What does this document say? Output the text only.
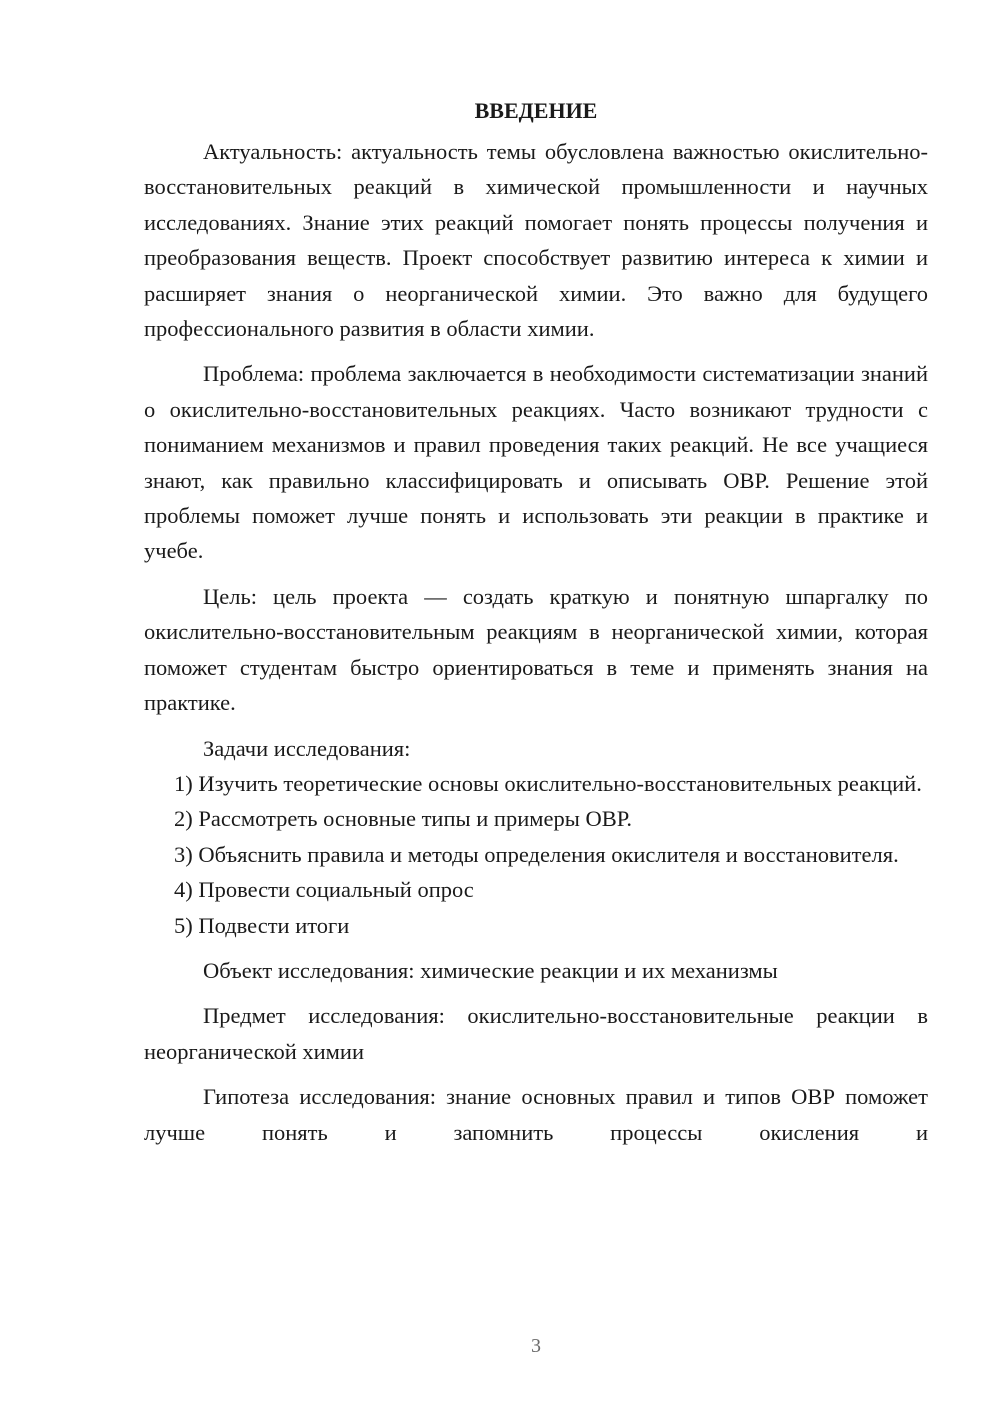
ВВЕДЕНИЕ

Актуальность: актуальность темы обусловлена важностью окислительно-восстановительных реакций в химической промышленности и научных исследованиях. Знание этих реакций помогает понять процессы получения и преобразования веществ. Проект способствует развитию интереса к химии и расширяет знания о неорганической химии. Это важно для будущего профессионального развития в области химии.

Проблема: проблема заключается в необходимости систематизации знаний о окислительно-восстановительных реакциях. Часто возникают трудности с пониманием механизмов и правил проведения таких реакций. Не все учащиеся знают, как правильно классифицировать и описывать ОВР. Решение этой проблемы поможет лучше понять и использовать эти реакции в практике и учебе.

Цель: цель проекта — создать краткую и понятную шпаргалку по окислительно-восстановительным реакциям в неорганической химии, которая поможет студентам быстро ориентироваться в теме и применять знания на практике.

Задачи исследования:

1) Изучить теоретические основы окислительно-восстановительных реакций.

2) Рассмотреть основные типы и примеры ОВР.

3) Объяснить правила и методы определения окислителя и восстановителя.

4) Провести социальный опрос

5) Подвести итоги

Объект исследования: химические реакции и их механизмы

Предмет исследования: окислительно-восстановительные реакции в неорганической химии

Гипотеза исследования: знание основных правил и типов ОВР поможет лучше понять и запомнить процессы окисления и

3
